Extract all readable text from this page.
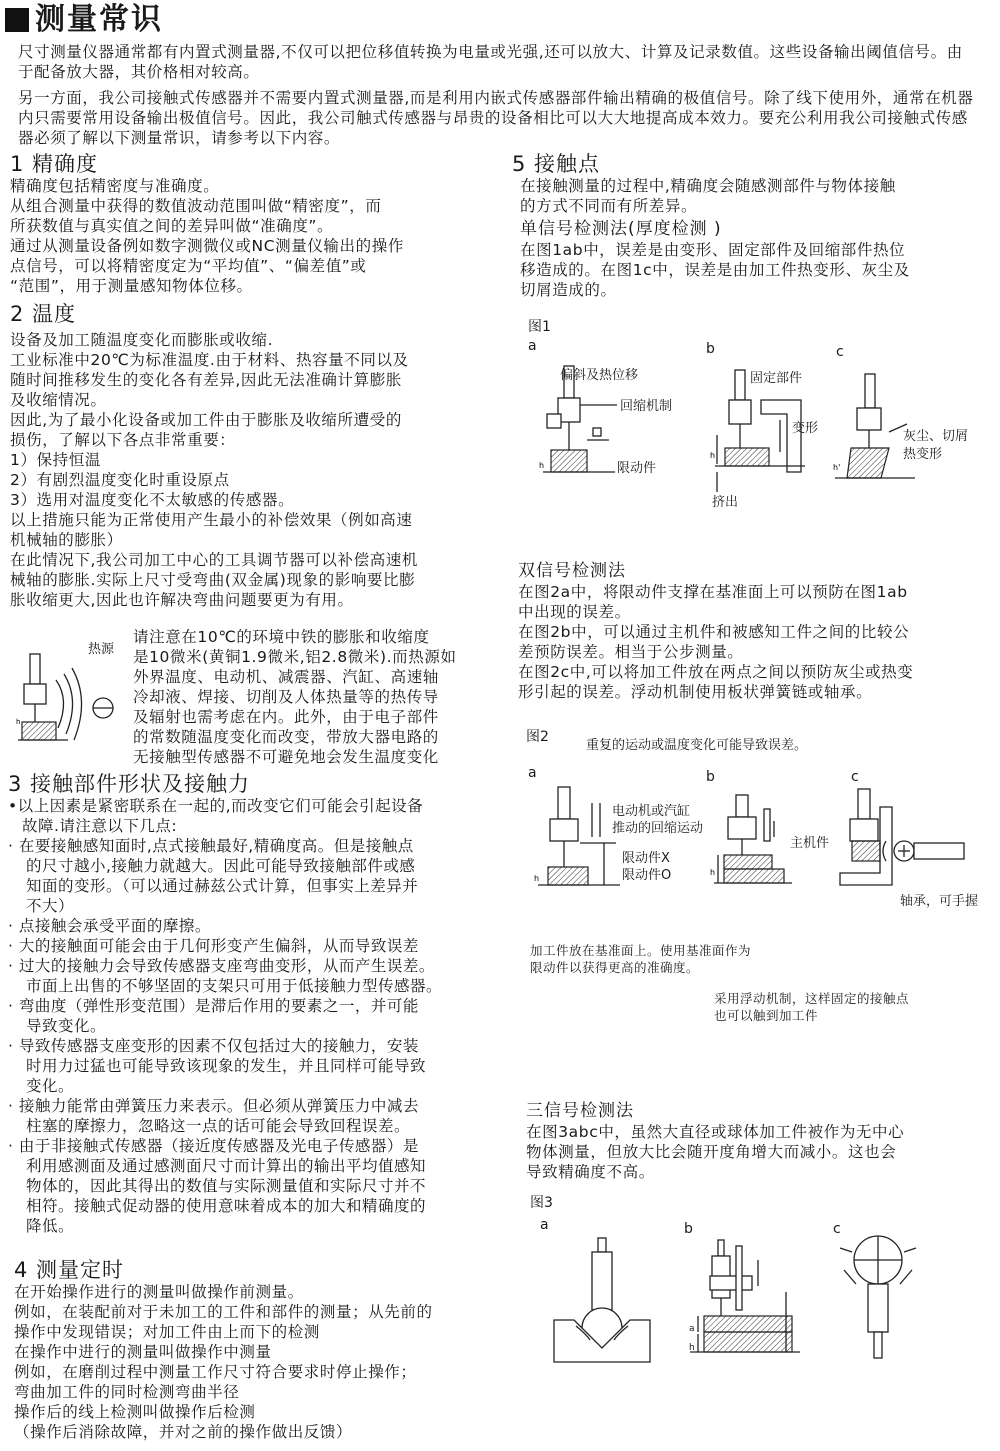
测量常识
尺寸测量仪器通常都有内置式测量器,不仅可以把位移值转换为电量或光强,还可以放大、计算及记录数值。这些设备输出阈值信号。由于配备放大器，其价格相对较高。
另一方面，我公司接触式传感器并不需要内置式测量器,而是利用内嵌式传感器部件输出精确的极值信号。除了线下使用外，通常在机器内只需要常用设备输出极值信号。因此，我公司触式传感器与昂贵的设备相比可以大大地提高成本效力。要充公利用我公司接触式传感器必须了解以下测量常识，请参考以下内容。
1 精确度
精确度包括精密度与准确度。
从组合测量中获得的数值波动范围叫做“精密度”，而
所获数值与真实值之间的差异叫做“准确度”。
通过从测量设备例如数字测微仪或NC测量仪输出的操作
点信号，可以将精密度定为“平均值”、“偏差值”或
“范围”，用于测量感知物体位移。
2 温度
设备及加工随温度变化而膨胀或收缩.
工业标准中20℃为标准温度.由于材料、热容量不同以及
随时间推移发生的变化各有差异,因此无法准确计算膨胀
及收缩情况。
因此,为了最小化设备或加工件由于膨胀及收缩所遭受的
损伤，了解以下各点非常重要：
1）保持恒温
2）有剧烈温度变化时重设原点
3）选用对温度变化不太敏感的传感器。
以上措施只能为正常使用产生最小的补偿效果（例如高速
机械轴的膨胀）
在此情况下,我公司加工中心的工具调节器可以补偿高速机
械轴的膨胀.实际上尺寸受弯曲(双金属)现象的影响要比膨
胀收缩更大,因此也许解决弯曲问题要更为有用。
h
热源
请注意在10℃的环境中铁的膨胀和收缩度
是10微米(黄铜1.9微米,铝2.8微米).而热源如
外界温度、电动机、减震器、汽缸、高速轴
冷却液、焊接、切削及人体热量等的热传导
及辐射也需考虑在内。此外，由于电子部件
的常数随温度变化而改变，带放大器电路的
无接触型传感器不可避免地会发生温度变化
3 接触部件形状及接触力
•以上因素是紧密联系在一起的,而改变它们可能会引起设备
故障.请注意以下几点:
· 在要接触感知面时,点式接触最好,精确度高。但是接触点
的尺寸越小,接触力就越大。因此可能导致接触部件或感
知面的变形。（可以通过赫兹公式计算，但事实上差异并
不大）
· 点接触会承受平面的摩擦。
· 大的接触面可能会由于几何形变产生偏斜，从而导致误差
· 过大的接触力会导致传感器支座弯曲变形，从而产生误差。
市面上出售的不够坚固的支架只可用于低接触力型传感器。
· 弯曲度（弹性形变范围）是滞后作用的要素之一，并可能
导致变化。
· 导致传感器支座变形的因素不仅包括过大的接触力，安装
时用力过猛也可能导致该现象的发生，并且同样可能导致
变化。
· 接触力能常由弹簧压力来表示。但必须从弹簧压力中减去
柱塞的摩擦力，忽略这一点的话可能会导致回程误差。
· 由于非接触式传感器（接近度传感器及光电子传感器）是
利用感测面及通过感测面尺寸而计算出的输出平均值感知
物体的，因此其得出的数值与实际测量值和实际尺寸并不
相符。接触式促动器的使用意味着成本的加大和精确度的
降低。
4 测量定时
在开始操作进行的测量叫做操作前测量。
例如，在装配前对于未加工的工件和部件的测量；从先前的
操作中发现错误；对加工件由上而下的检测
在操作中进行的测量叫做操作中测量
例如，在磨削过程中测量工作尺寸符合要求时停止操作；
弯曲加工件的同时检测弯曲半径
操作后的线上检测叫做操作后检测
（操作后消除故障，并对之前的操作做出反馈）
5 接触点
在接触测量的过程中,精确度会随感测部件与物体接触
的方式不同而有所差异。
单信号检测法(厚度检测 )
在图1ab中，误差是由变形、固定部件及回缩部件热位
移造成的。在图1c中，误差是由加工件热变形、灰尘及
切屑造成的。
图1
a	b	c
h
h
h'
偏斜及热位移
回缩机制
限动件
固定部件
变形
挤出
灰尘、切屑
热变形
双信号检测法
在图2a中，将限动件支撑在基准面上可以预防在图1ab
中出现的误差。
在图2b中，可以通过主机件和被感知工件之间的比较公
差预防误差。相当于公步测量。
在图2c中,可以将加工件放在两点之间以预防灰尘或热变
形引起的误差。浮动机制使用板状弹簧链或轴承。
图2
重复的运动或温度变化可能导致误差。
a	b	c
h
h
电动机或汽缸
推动的回缩运动
限动件X
限动件O
主机件
轴承，可手握
加工件放在基准面上。使用基准面作为
限动件以获得更高的准确度。
采用浮动机制，这样固定的接触点
也可以触到加工件
三信号检测法
在图3abc中，虽然大直径或球体加工件被作为无中心
物体测量，但放大比会随开度角增大而减小。这也会
导致精确度不高。
图3
a	b	c
a
h
